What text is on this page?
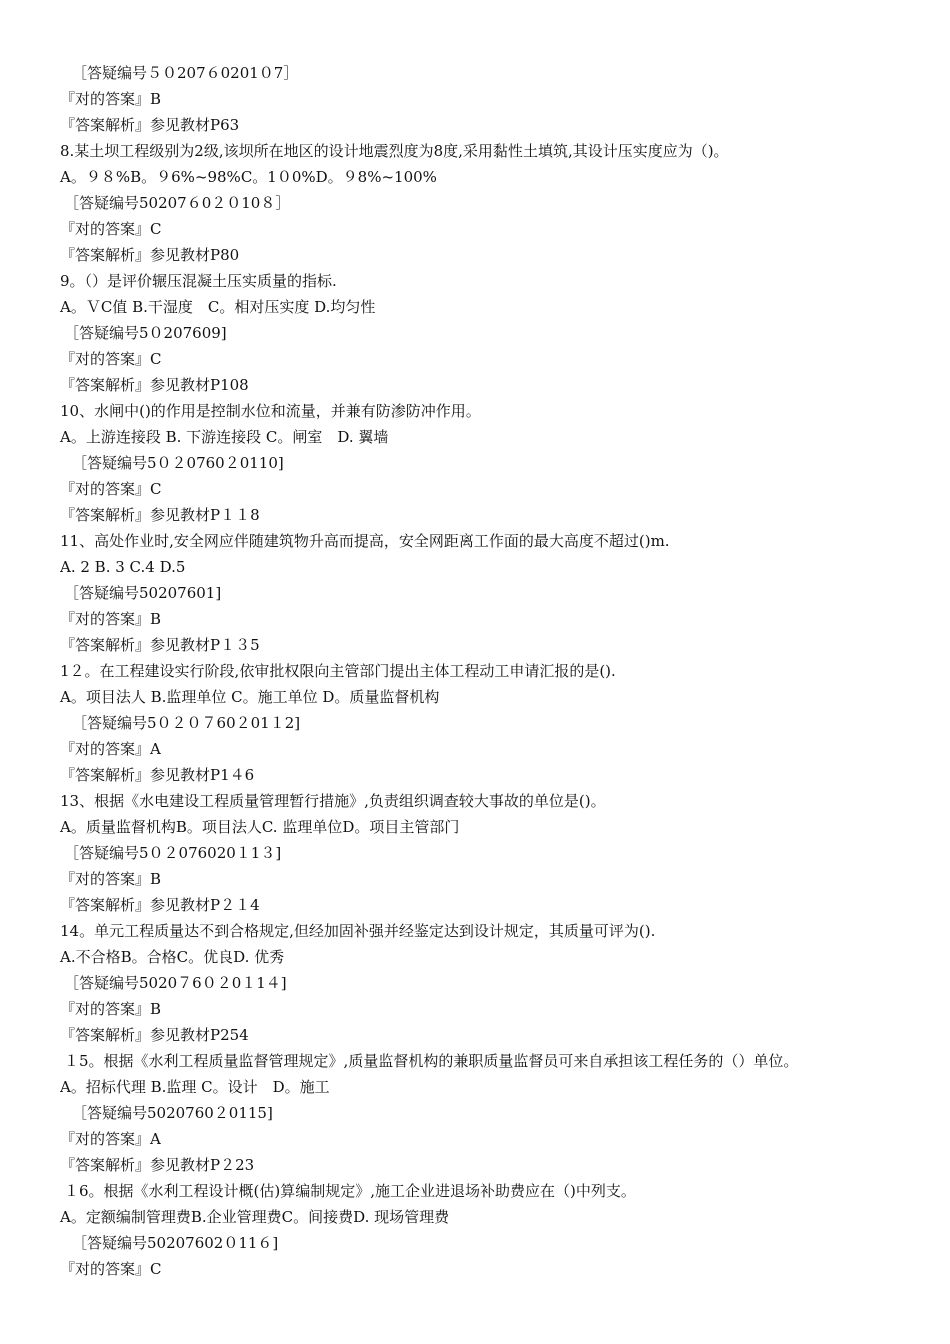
［答疑编号５０207６0201０7］
『对的答案』B
『答案解析』参见教材P63
8.某土坝工程级别为2级,该坝所在地区的设计地震烈度为8度,采用黏性土填筑,其设计压实度应为（)。
A。９８%B。９6%~98%C。1０0%D。９8%~100%
［答疑编号50207６0２０10８］
『对的答案』C
『答案解析』参见教材P80
9。（）是评价辗压混凝土压实质量的指标.
A。ＶC值 B.干湿度　C。相对压实度 D.均匀性
［答疑编号5０207609]
『对的答案』C
『答案解析』参见教材P108
10、水闸中()的作用是控制水位和流量，并兼有防渗防冲作用。
A。上游连接段 B. 下游连接段 C。闸室　D. 翼墙
［答疑编号5０２0760２0110]
『对的答案』C
『答案解析』参见教材P１１8
11、高处作业时,安全网应伴随建筑物升高而提高，安全网距离工作面的最大高度不超过()m.
A. 2 B. 3 C.4 D.5
［答疑编号50207601]
『对的答案』B
『答案解析』参见教材P１３5
1２。在工程建设实行阶段,依审批权限向主管部门提出主体工程动工申请汇报的是().
A。项目法人 B.监理单位 C。施工单位 D。质量监督机构
［答疑编号5０２０７60２01１2]
『对的答案』A
『答案解析』参见教材P1４6
13、根据《水电建设工程质量管理暂行措施》,负责组织调查较大事故的单位是()。
A。质量监督机构B。项目法人C. 监理单位D。项目主管部门
［答疑编号5０２076020１1３]
『对的答案』B
『答案解析』参见教材P２１4
14。单元工程质量达不到合格规定,但经加固补强并经鉴定达到设计规定，其质量可评为().
A.不合格B。合格C。优良D. 优秀
［答疑编号5020７6０２0１1４]
『对的答案』B
『答案解析』参见教材P254
１5。根据《水利工程质量监督管理规定》,质量监督机构的兼职质量监督员可来自承担该工程任务的（）单位。
A。招标代理 B.监理 C。设计　D。施工
［答疑编号5020760２0115]
『对的答案』A
『答案解析』参见教材P２23
１6。根据《水利工程设计概(估)算编制规定》,施工企业进退场补助费应在（)中列支。
A。定额编制管理费B.企业管理费C。间接费D. 现场管理费
［答疑编号50207602０11６]
『对的答案』C
